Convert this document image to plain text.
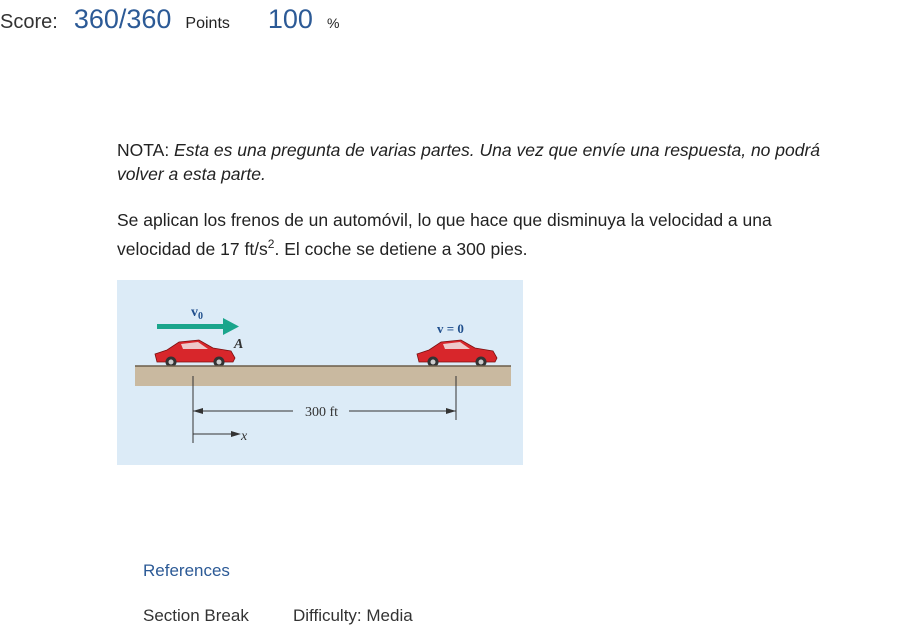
Score: 360/360 Points 100 %

NOTA: Esta es una pregunta de varias partes. Una vez que envíe una respuesta, no podrá
volver a esta parte.

Se aplican los frenos de un automóvil, lo que hace que disminuya la velocidad a una
velocidad de 17 $ft/s^2$. El coche se detiene a 300 pies.

$v_0$
A
v = 0
300 ft
x
References
Section Break	Difficulty: Media
